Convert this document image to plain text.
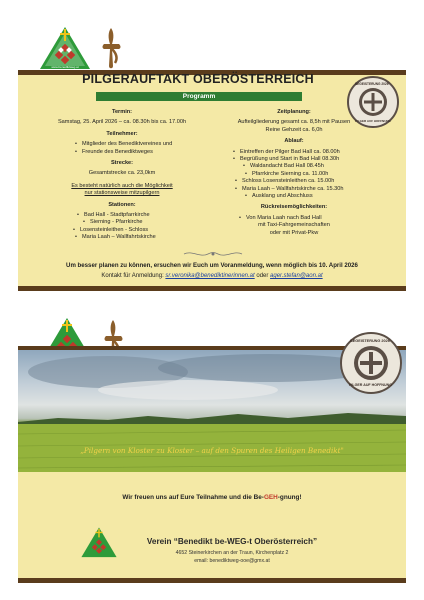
www.benediktweg.at
PILGERAUFTAKT OBERÖSTERREICH
Programm
BEGEISTERUNG 2026
PILGER AUF HOFFNUNG
Termin:
Samstag, 25. April 2026 – ca. 08.30h bis ca. 17.00h
Teilnehmer:
• Mitglieder des Benediktvereines und
• Freunde des Benediktweges
Strecke:
Gesamtstrecke ca. 23,0km
Es besteht natürlich auch die Möglichkeit
nur stationsweise mitzupilgern
Stationen:
• Bad Hall - Stadtpfarrkirche
• Sierning - Pfarrkirche
• Losensteinleithen - Schloss
• Maria Laah – Wallfahrtskirche
Zeitplanung:
Aufteilgliederung gesamt ca. 8,5h mit Pausen
Reine Gehzeit ca. 6,0h
Ablauf:
• Eintreffen der Pilger Bad Hall ca. 08.00h
• Begrüßung und Start in Bad Hall 08.30h
• Waldandacht Bad Hall 08.45h
• Pfarrkirche Sierning ca. 11.00h
• Schloss Losensteinleithen ca. 15.00h
• Maria Laah – Wallfahrtskirche ca. 15.30h
• Ausklang und Abschluss
Rückreisemöglichkeiten:
• Von Maria Laah nach Bad Hall
mit Taxi-Fahrgemeinschaften
oder mit Privat-Pkw
Um besser planen zu können, ersuchen wir Euch um Voranmeldung, wenn möglich bis 10. April 2026
Kontakt für Anmeldung: sr.veronika@benediktinerinnen.at oder ager.stefan@aon.at
„Pilgern von Kloster zu Kloster – auf den Spuren des Heiligen Benedikt"
BEGEISTERUNG 2026
PILGER AUF HOFFNUNG
Wir freuen uns auf Eure Teilnahme und die Be-GEH-gnung!
Verein “Benedikt be-WEG-t Oberösterreich”
4652 Steinerkirchen an der Traun, Kirchenplatz 2
email: benediktweg-ooe@gmx.at
